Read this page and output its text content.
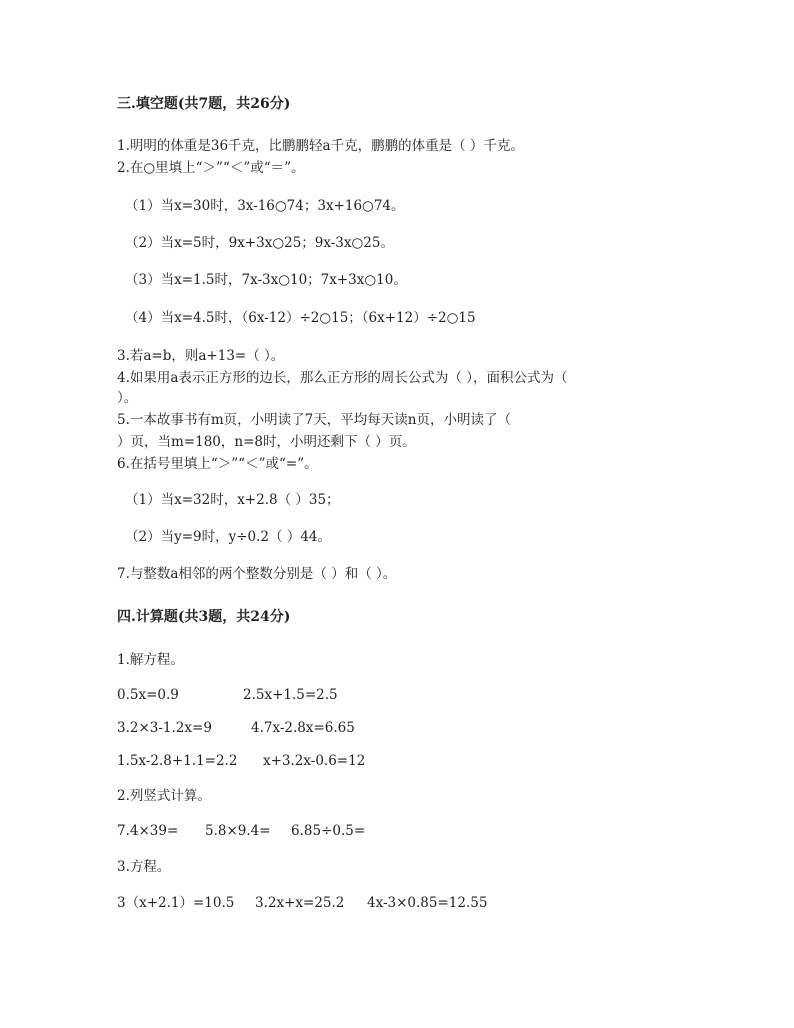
三.填空题(共7题，共26分)
1.明明的体重是36千克，比鹏鹏轻a千克，鹏鹏的体重是（ ）千克。
2.在○里填上“＞”“＜”或“＝”。
（1）当x=30时，3x-16○74；3x+16○74。
（2）当x=5时，9x+3x○25；9x-3x○25。
（3）当x=1.5时，7x-3x○10；7x+3x○10。
（4）当x=4.5时，（6x-12）÷2○15；（6x+12）÷2○15
3.若a=b，则a+13=（ ）。
4.如果用a表示正方形的边长，那么正方形的周长公式为（ ），面积公式为（
）。
5.一本故事书有m页，小明读了7天，平均每天读n页，小明读了（
）页，当m=180，n=8时，小明还剩下（ ）页。
6.在括号里填上“＞”“＜”或“=”。
（1）当x=32时，x+2.8（ ）35；
（2）当y=9时，y÷0.2（ ）44。
7.与整数a相邻的两个整数分别是（ ）和（ ）。
四.计算题(共3题，共24分)
1.解方程。
0.5x=0.9	2.5x+1.5=2.5
3.2×3-1.2x=9	4.7x-2.8x=6.65
1.5x-2.8+1.1=2.2 x+3.2x-0.6=12
2.列竖式计算。
7.4×39= 5.8×9.4= 6.85÷0.5=
3.方程。
3（x+2.1）=10.5 3.2x+x=25.2 4x-3×0.85=12.55
